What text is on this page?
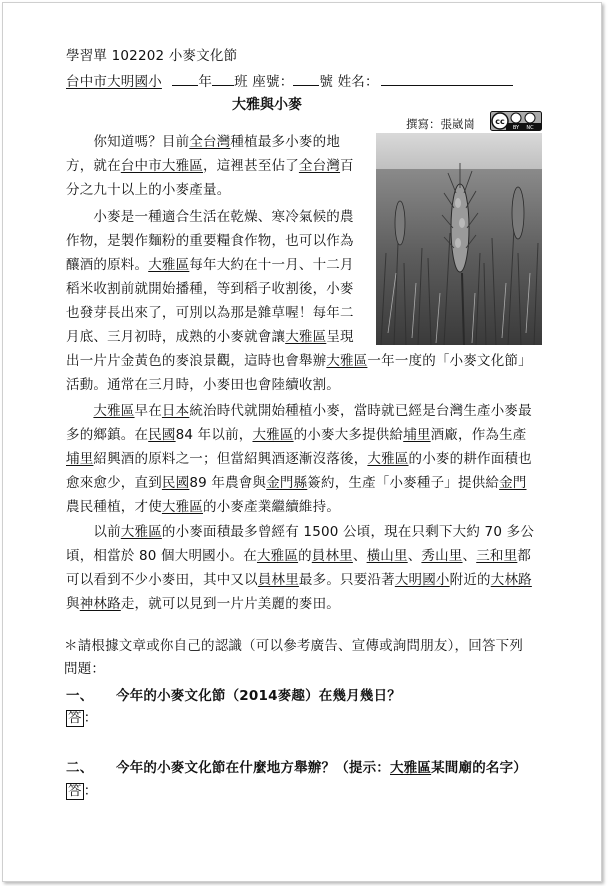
學習單 102202 小麥文化節
台中市大明國小	年 班 座號： 號 姓名：
大雅與小麥
撰寫：張崴崗	cc
BY NC
　　你知道嗎？目前全台灣種植最多小麥的地
方，就在台中市大雅區，這裡甚至佔了全台灣百
分之九十以上的小麥產量。
　　小麥是一種適合生活在乾燥、寒冷氣候的農
作物，是製作麵粉的重要糧食作物，也可以作為
釀酒的原料。大雅區每年大約在十一月、十二月
稻米收割前就開始播種，等到稻子收割後，小麥
也發芽長出來了，可別以為那是雜草喔！每年二
月底、三月初時，成熟的小麥就會讓大雅區呈現
出一片片金黃色的麥浪景觀，這時也會舉辦大雅區一年一度的「小麥文化節」
活動。通常在三月時，小麥田也會陸續收割。
　　大雅區早在日本統治時代就開始種植小麥，當時就已經是台灣生產小麥最
多的鄉鎮。在民國84 年以前，大雅區的小麥大多提供給埔里酒廠，作為生產
埔里紹興酒的原料之一；但當紹興酒逐漸沒落後，大雅區的小麥的耕作面積也
愈來愈少，直到民國89 年農會與金門縣簽約，生產「小麥種子」提供給金門
農民種植，才使大雅區的小麥產業繼續維持。
　　以前大雅區的小麥面積最多曾經有 1500 公頃，現在只剩下大約 70 多公
頃，相當於 80 個大明國小。在大雅區的員林里、橫山里、秀山里、三和里都
可以看到不少小麥田，其中又以員林里最多。只要沿著大明國小附近的大林路
與神林路走，就可以見到一片片美麗的麥田。
＊請根據文章或你自己的認識（可以參考廣告、宣傳或詢問朋友），回答下列
問題：
一、 今年的小麥文化節（2014麥趣）在幾月幾日？
答 ：
二、 今年的小麥文化節在什麼地方舉辦？（提示：大雅區某間廟的名字）
答 ：
